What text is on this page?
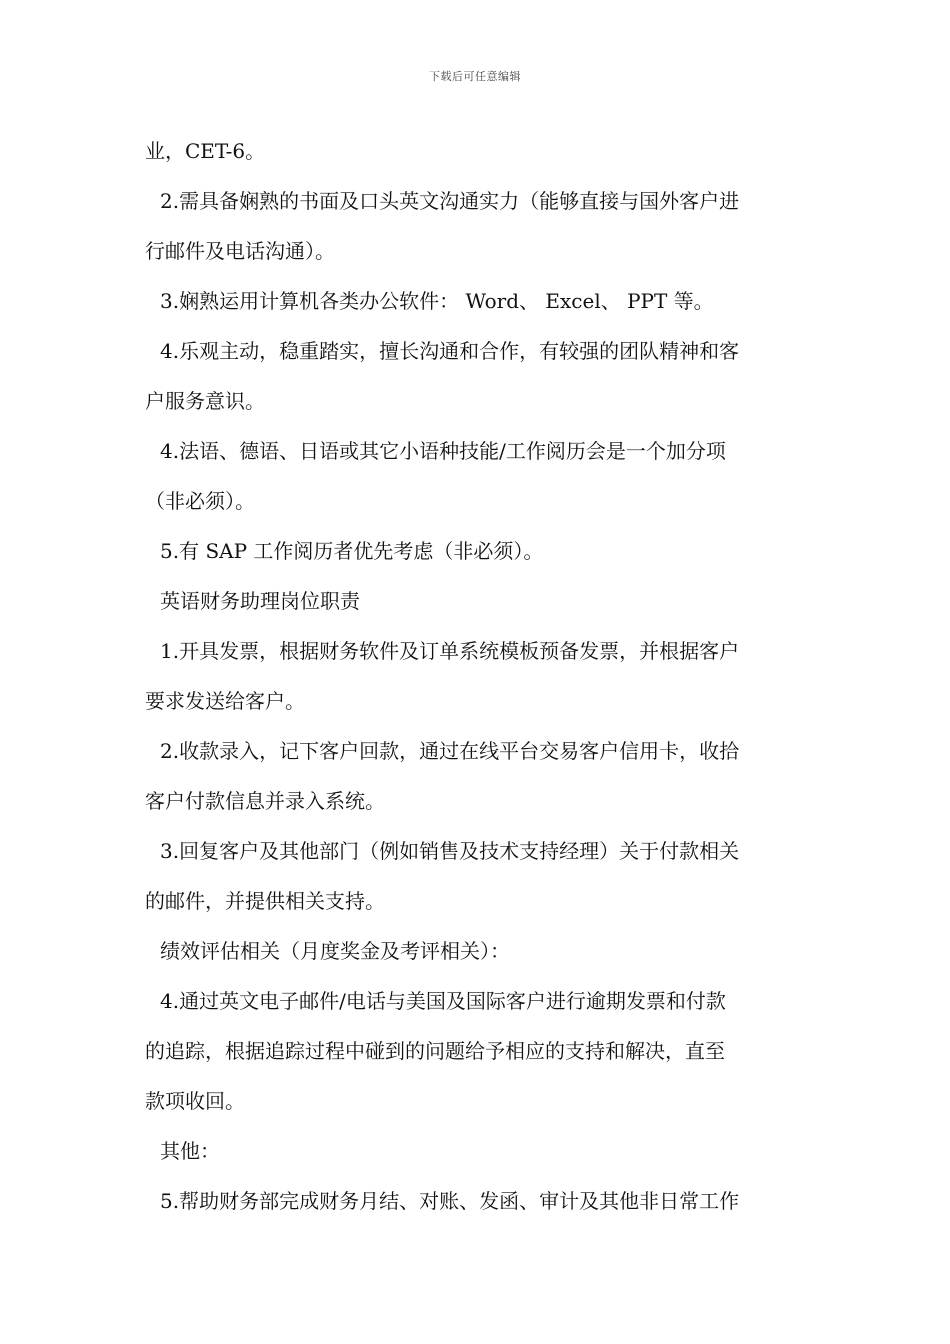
下载后可任意编辑
业，CET-6。
2.需具备娴熟的书面及口头英文沟通实力（能够直接与国外客户进
行邮件及电话沟通）。
3.娴熟运用计算机各类办公软件： Word、 Excel、 PPT 等。
4.乐观主动，稳重踏实，擅长沟通和合作，有较强的团队精神和客
户服务意识。
4.法语、德语、日语或其它小语种技能/工作阅历会是一个加分项
（非必须）。
5.有 SAP 工作阅历者优先考虑（非必须）。
英语财务助理岗位职责
1.开具发票，根据财务软件及订单系统模板预备发票，并根据客户
要求发送给客户。
2.收款录入，记下客户回款，通过在线平台交易客户信用卡，收拾
客户付款信息并录入系统。
3.回复客户及其他部门（例如销售及技术支持经理）关于付款相关
的邮件，并提供相关支持。
绩效评估相关（月度奖金及考评相关）：
4.通过英文电子邮件/电话与美国及国际客户进行逾期发票和付款
的追踪，根据追踪过程中碰到的问题给予相应的支持和解决，直至
款项收回。
其他：
5.帮助财务部完成财务月结、对账、发函、审计及其他非日常工作
